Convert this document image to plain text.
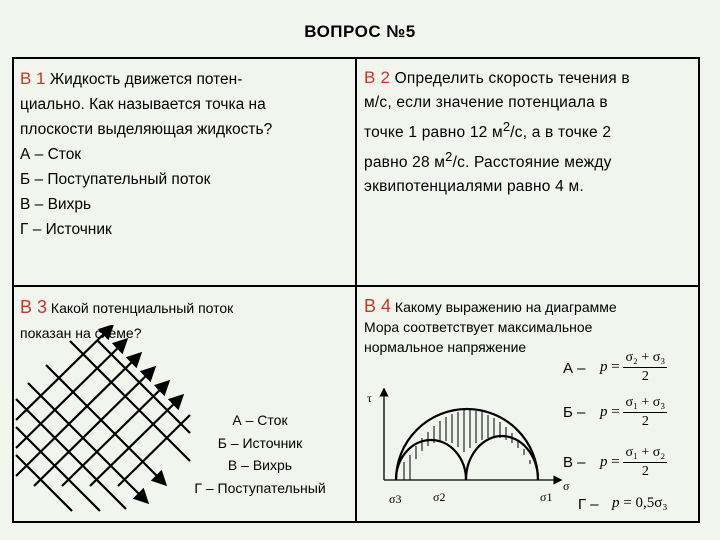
ВОПРОС №5
В 1 Жидкость движется потен-
циально. Как называется точка на
плоскости выделяющая жидкость?
А – Сток
Б – Поступательный поток
В – Вихрь
Г – Источник
В 2 Определить скорость течения в
м/с, если значение потенциала в
точке 1 равно 12 $м^2/с$, а в точке 2
равно 28 $м^2/с$. Расстояние между
эквипотенциалями равно 4 м.
В 3 Какой потенциальный поток
показан на схеме?
А – Сток
Б – Источник
В – Вихрь
Г – Поступательный
В 4 Какому выражению на диаграмме
Мора соответствует максимальное
нормальное напряжение
τ
σ3	σ2	σ1
σ
$А - p = \frac{\text{σ₂ + σ₃}}{2}$
$Б - p = \frac{\text{σ₁ + σ₃}}{2}$
$В - p = \frac{\text{σ₁ + σ₂}}{2}$
Г – p = 0,5σ₃
